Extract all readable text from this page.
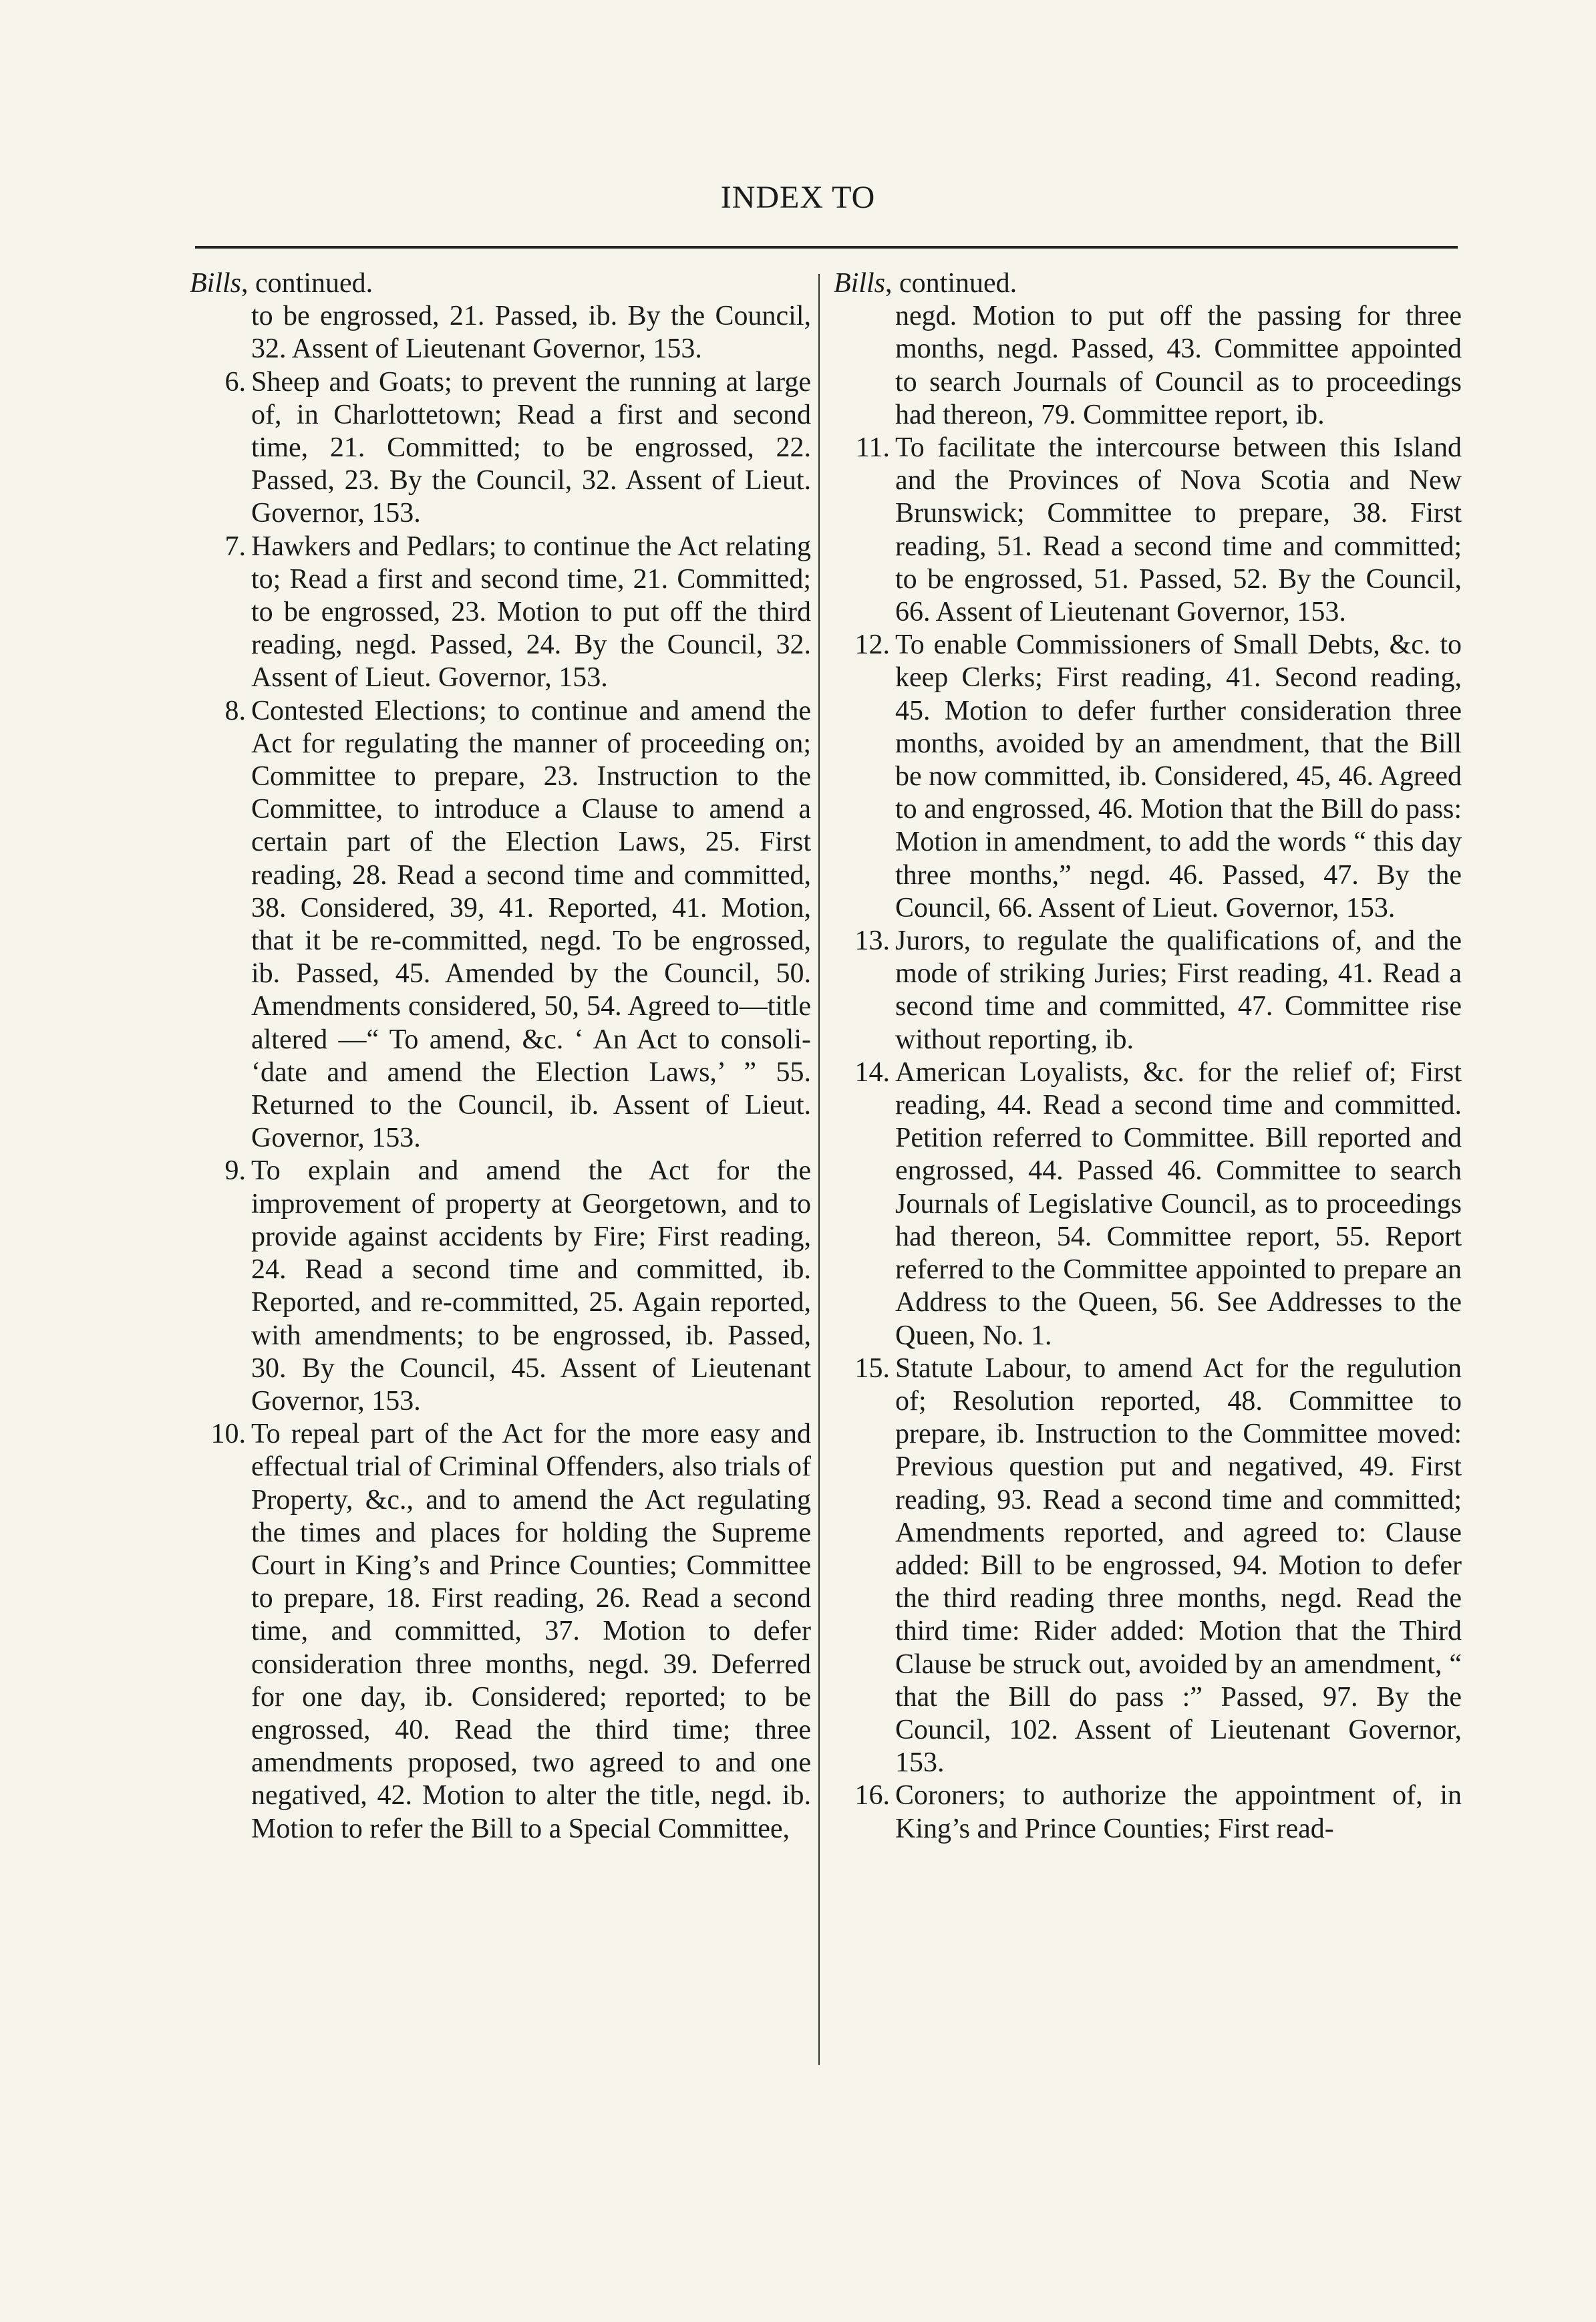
INDEX TO
Bills, continued.
to be engrossed, 21. Passed, ib. By the Council, 32. Assent of Lieutenant Governor, 153.
6. Sheep and Goats; to prevent the running at large of, in Charlottetown; Read a first and second time, 21. Committed; to be engrossed, 22. Passed, 23. By the Council, 32. Assent of Lieut. Governor, 153.
7. Hawkers and Pedlars; to continue the Act relating to; Read a first and second time, 21. Committed; to be engrossed, 23. Motion to put off the third reading, negd. Passed, 24. By the Council, 32. Assent of Lieut. Governor, 153.
8. Contested Elections; to continue and amend the Act for regulating the manner of proceeding on; Committee to prepare, 23. Instruction to the Committee, to introduce a Clause to amend a certain part of the Election Laws, 25. First reading, 28. Read a second time and committed, 38. Considered, 39, 41. Reported, 41. Motion, that it be re-committed, negd. To be engrossed, ib. Passed, 45. Amended by the Council, 50. Amendments considered, 50, 54. Agreed to—title altered —“ To amend, &c. ‘ An Act to consoli- ‘date and amend the Election Laws,’ ” 55. Returned to the Council, ib. Assent of Lieut. Governor, 153.
9. To explain and amend the Act for the improvement of property at Georgetown, and to provide against accidents by Fire; First reading, 24. Read a second time and committed, ib. Reported, and re-committed, 25. Again reported, with amendments; to be engrossed, ib. Passed, 30. By the Council, 45. Assent of Lieutenant Governor, 153.
10. To repeal part of the Act for the more easy and effectual trial of Criminal Offenders, also trials of Property, &c., and to amend the Act regulating the times and places for holding the Supreme Court in King’s and Prince Counties; Committee to prepare, 18. First reading, 26. Read a second time, and committed, 37. Motion to defer consideration three months, negd. 39. Deferred for one day, ib. Considered; reported; to be engrossed, 40. Read the third time; three amendments proposed, two agreed to and one negatived, 42. Motion to alter the title, negd. ib. Motion to refer the Bill to a Special Committee,
Bills, continued.
negd. Motion to put off the passing for three months, negd. Passed, 43. Committee appointed to search Journals of Council as to proceedings had thereon, 79. Committee report, ib.
11. To facilitate the intercourse between this Island and the Provinces of Nova Scotia and New Brunswick; Committee to prepare, 38. First reading, 51. Read a second time and committed; to be engrossed, 51. Passed, 52. By the Council, 66. Assent of Lieutenant Governor, 153.
12. To enable Commissioners of Small Debts, &c. to keep Clerks; First reading, 41. Second reading, 45. Motion to defer further consideration three months, avoided by an amendment, that the Bill be now committed, ib. Considered, 45, 46. Agreed to and engrossed, 46. Motion that the Bill do pass: Motion in amendment, to add the words “ this day three months,” negd. 46. Passed, 47. By the Council, 66. Assent of Lieut. Governor, 153.
13. Jurors, to regulate the qualifications of, and the mode of striking Juries; First reading, 41. Read a second time and committed, 47. Committee rise without reporting, ib.
14. American Loyalists, &c. for the relief of; First reading, 44. Read a second time and committed. Petition referred to Committee. Bill reported and engrossed, 44. Passed 46. Committee to search Journals of Legislative Council, as to proceedings had thereon, 54. Committee report, 55. Report referred to the Committee appointed to prepare an Address to the Queen, 56. See Addresses to the Queen, No. 1.
15. Statute Labour, to amend Act for the regulution of; Resolution reported, 48. Committee to prepare, ib. Instruction to the Committee moved: Previous question put and negatived, 49. First reading, 93. Read a second time and committed; Amendments reported, and agreed to: Clause added: Bill to be engrossed, 94. Motion to defer the third reading three months, negd. Read the third time: Rider added: Motion that the Third Clause be struck out, avoided by an amendment, “ that the Bill do pass :” Passed, 97. By the Council, 102. Assent of Lieutenant Governor, 153.
16. Coroners; to authorize the appointment of, in King’s and Prince Counties; First read-
